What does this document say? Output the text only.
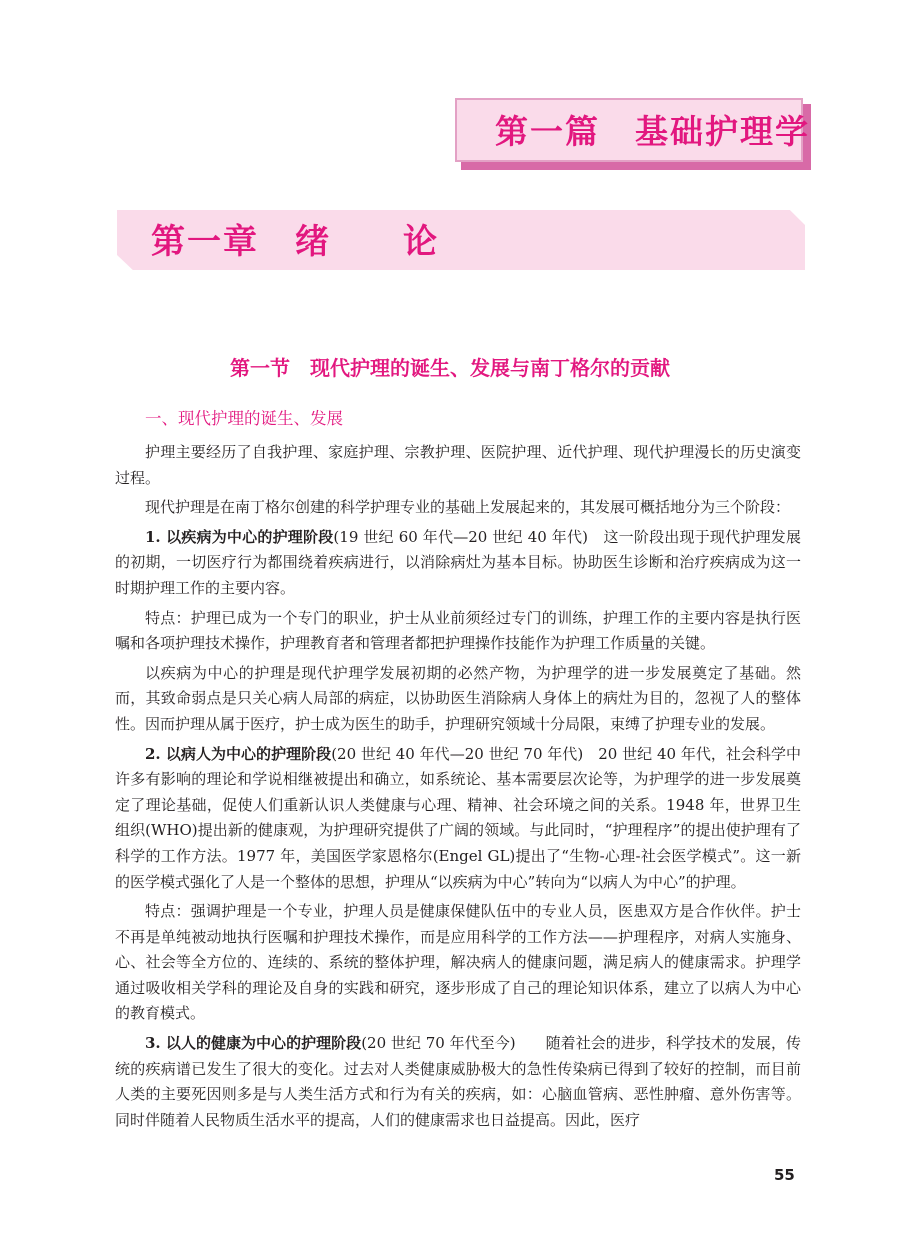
第一篇　基础护理学
第一章　绪　　论
第一节　现代护理的诞生、发展与南丁格尔的贡献
一、现代护理的诞生、发展

护理主要经历了自我护理、家庭护理、宗教护理、医院护理、近代护理、现代护理漫长的历史演变过程。

现代护理是在南丁格尔创建的科学护理专业的基础上发展起来的，其发展可概括地分为三个阶段：

1. 以疾病为中心的护理阶段(19 世纪 60 年代—20 世纪 40 年代)　这一阶段出现于现代护理发展的初期，一切医疗行为都围绕着疾病进行，以消除病灶为基本目标。协助医生诊断和治疗疾病成为这一时期护理工作的主要内容。

特点：护理已成为一个专门的职业，护士从业前须经过专门的训练，护理工作的主要内容是执行医嘱和各项护理技术操作，护理教育者和管理者都把护理操作技能作为护理工作质量的关键。

以疾病为中心的护理是现代护理学发展初期的必然产物，为护理学的进一步发展奠定了基础。然而，其致命弱点是只关心病人局部的病症，以协助医生消除病人身体上的病灶为目的，忽视了人的整体性。因而护理从属于医疗，护士成为医生的助手，护理研究领域十分局限，束缚了护理专业的发展。

2. 以病人为中心的护理阶段(20 世纪 40 年代—20 世纪 70 年代)　20 世纪 40 年代，社会科学中许多有影响的理论和学说相继被提出和确立，如系统论、基本需要层次论等，为护理学的进一步发展奠定了理论基础，促使人们重新认识人类健康与心理、精神、社会环境之间的关系。1948 年，世界卫生组织(WHO)提出新的健康观，为护理研究提供了广阔的领域。与此同时，“护理程序”的提出使护理有了科学的工作方法。1977 年，美国医学家恩格尔(Engel GL)提出了“生物-心理-社会医学模式”。这一新的医学模式强化了人是一个整体的思想，护理从“以疾病为中心”转向为“以病人为中心”的护理。

特点：强调护理是一个专业，护理人员是健康保健队伍中的专业人员，医患双方是合作伙伴。护士不再是单纯被动地执行医嘱和护理技术操作，而是应用科学的工作方法——护理程序，对病人实施身、心、社会等全方位的、连续的、系统的整体护理，解决病人的健康问题，满足病人的健康需求。护理学通过吸收相关学科的理论及自身的实践和研究，逐步形成了自己的理论知识体系，建立了以病人为中心的教育模式。

3. 以人的健康为中心的护理阶段(20 世纪 70 年代至今)　　随着社会的进步，科学技术的发展，传统的疾病谱已发生了很大的变化。过去对人类健康威胁极大的急性传染病已得到了较好的控制，而目前人类的主要死因则多是与人类生活方式和行为有关的疾病，如：心脑血管病、恶性肿瘤、意外伤害等。同时伴随着人民物质生活水平的提高，人们的健康需求也日益提高。因此，医疗

55
